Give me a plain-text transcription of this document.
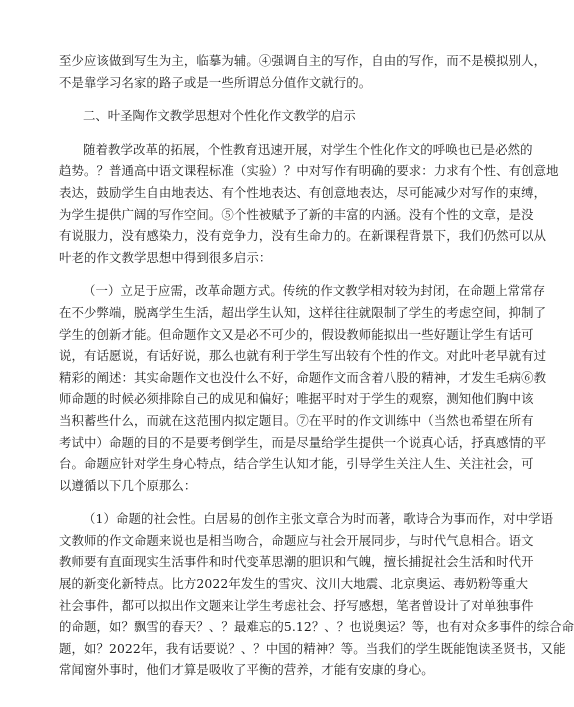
至少应该做到写生为主，临摹为辅。④强调自主的写作，自由的写作，而不是模拟别人，
不是靠学习名家的路子或是一些所谓总分值作文就行的。

二、叶圣陶作文教学思想对个性化作文教学的启示

随着教学改革的拓展，个性教育迅速开展，对学生个性化作文的呼唤也已是必然的
趋势。？普通高中语文课程标准（实验）？中对写作有明确的要求：力求有个性、有创意地
表达，鼓励学生自由地表达、有个性地表达、有创意地表达，尽可能减少对写作的束缚，
为学生提供广阔的写作空间。⑤个性被赋予了新的丰富的内涵。没有个性的文章，是没
有说服力，没有感染力，没有竞争力，没有生命力的。在新课程背景下，我们仍然可以从
叶老的作文教学思想中得到很多启示：

（一）立足于应需，改革命题方式。传统的作文教学相对较为封闭，在命题上常常存
在不少弊端，脱离学生生活，超出学生认知，这样往往就限制了学生的考虑空间，抑制了
学生的创新才能。但命题作文又是必不可少的，假设教师能拟出一些好题让学生有话可
说，有话愿说，有话好说，那么也就有利于学生写出较有个性的作文。对此叶老早就有过
精彩的阐述：其实命题作文也没什么不好，命题作文而含着八股的精神，才发生毛病⑥教
师命题的时候必须排除自己的成见和偏好；唯据平时对于学生的观察，测知他们胸中该
当积蓄些什么，而就在这范围内拟定题目。⑦在平时的作文训练中（当然也希望在所有
考试中）命题的目的不是要考倒学生，而是尽量给学生提供一个说真心话，抒真感情的平
台。命题应针对学生身心特点，结合学生认知才能，引导学生关注人生、关注社会，可
以遵循以下几个原那么：

（1）命题的社会性。白居易的创作主张文章合为时而著，歌诗合为事而作，对中学语
文教师的作文命题来说也是相当吻合，命题应与社会开展同步，与时代气息相合。语文
教师要有直面现实生活事件和时代变革思潮的胆识和气魄，擅长捕捉社会生活和时代开
展的新变化新特点。比方2022年发生的雪灾、汶川大地震、北京奥运、毒奶粉等重大
社会事件，都可以拟出作文题来让学生考虑社会、抒写感想，笔者曾设计了对单独事件
的命题，如？飘雪的春天？、？最难忘的5.12？、？也说奥运？等，也有对众多事件的综合命
题，如？2022年，我有话要说？、？中国的精神？等。当我们的学生既能饱读圣贤书，又能
常闻窗外事时，他们才算是吸收了平衡的营养，才能有安康的身心。
